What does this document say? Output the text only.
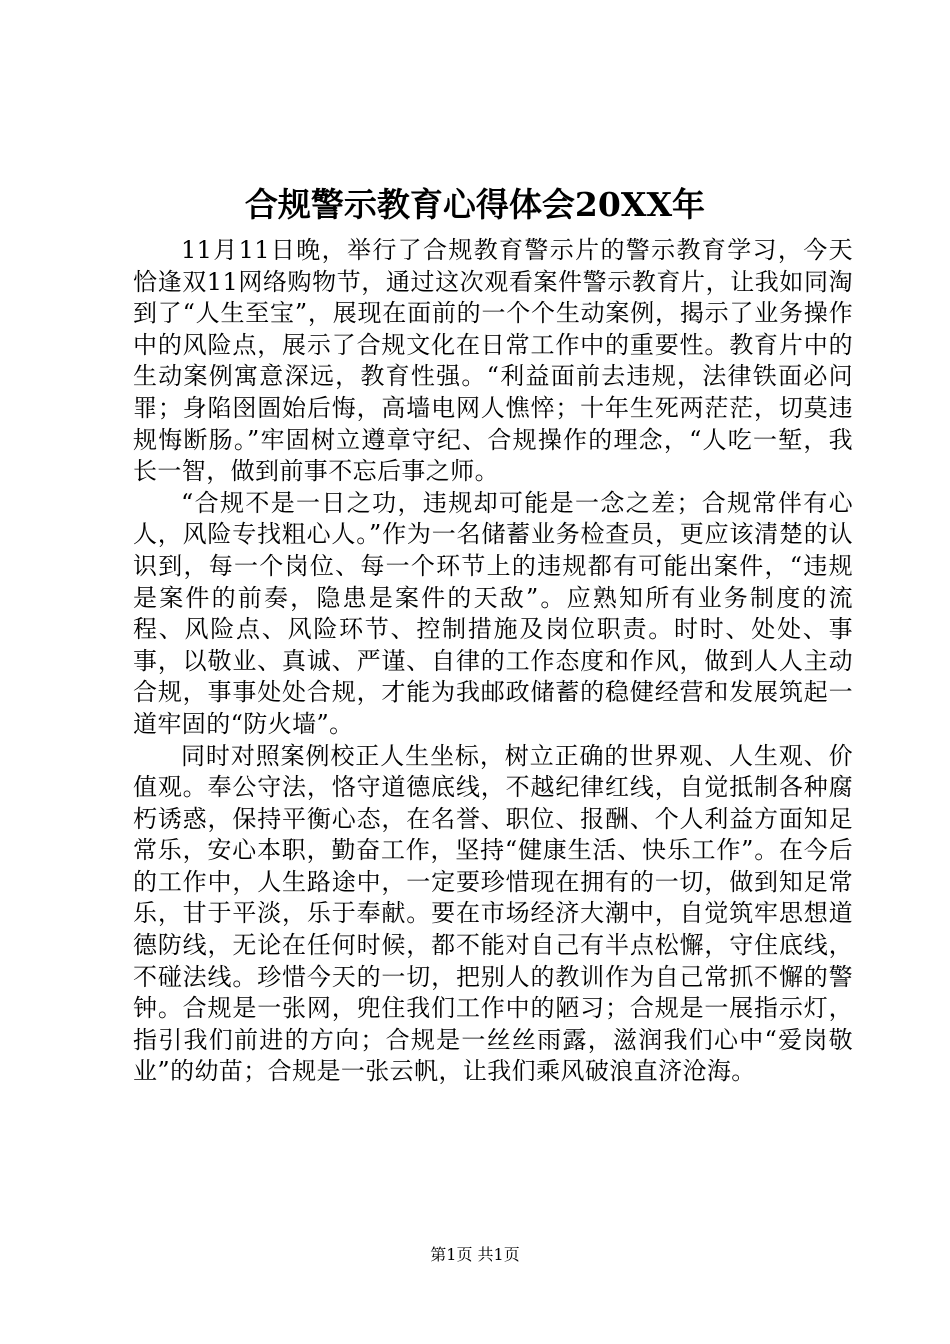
合规警示教育心得体会20XX年

11月11日晚，举行了合规教育警示片的警示教育学习，今天恰逢双11网络购物节，通过这次观看案件警示教育片，让我如同淘到了“人生至宝”，展现在面前的一个个生动案例，揭示了业务操作中的风险点，展示了合规文化在日常工作中的重要性。教育片中的生动案例寓意深远，教育性强。“利益面前去违规，法律铁面必问罪；身陷囹圄始后悔，高墙电网人憔悴；十年生死两茫茫，切莫违规悔断肠。”牢固树立遵章守纪、合规操作的理念，“人吃一堑，我长一智，做到前事不忘后事之师。

“合规不是一日之功，违规却可能是一念之差；合规常伴有心人，风险专找粗心人。”作为一名储蓄业务检查员，更应该清楚的认识到，每一个岗位、每一个环节上的违规都有可能出案件，“违规是案件的前奏，隐患是案件的天敌”。应熟知所有业务制度的流程、风险点、风险环节、控制措施及岗位职责。时时、处处、事事，以敬业、真诚、严谨、自律的工作态度和作风，做到人人主动合规，事事处处合规，才能为我邮政储蓄的稳健经营和发展筑起一道牢固的“防火墙”。

同时对照案例校正人生坐标，树立正确的世界观、人生观、价值观。奉公守法，恪守道德底线，不越纪律红线，自觉抵制各种腐朽诱惑，保持平衡心态，在名誉、职位、报酬、个人利益方面知足常乐，安心本职，勤奋工作，坚持“健康生活、快乐工作”。在今后的工作中，人生路途中，一定要珍惜现在拥有的一切，做到知足常乐，甘于平淡，乐于奉献。要在市场经济大潮中，自觉筑牢思想道德防线，无论在任何时候，都不能对自己有半点松懈，守住底线，不碰法线。珍惜今天的一切，把别人的教训作为自己常抓不懈的警钟。合规是一张网，兜住我们工作中的陋习；合规是一展指示灯，指引我们前进的方向；合规是一丝丝雨露，滋润我们心中“爱岗敬业”的幼苗；合规是一张云帆，让我们乘风破浪直济沧海。

第1页 共1页
